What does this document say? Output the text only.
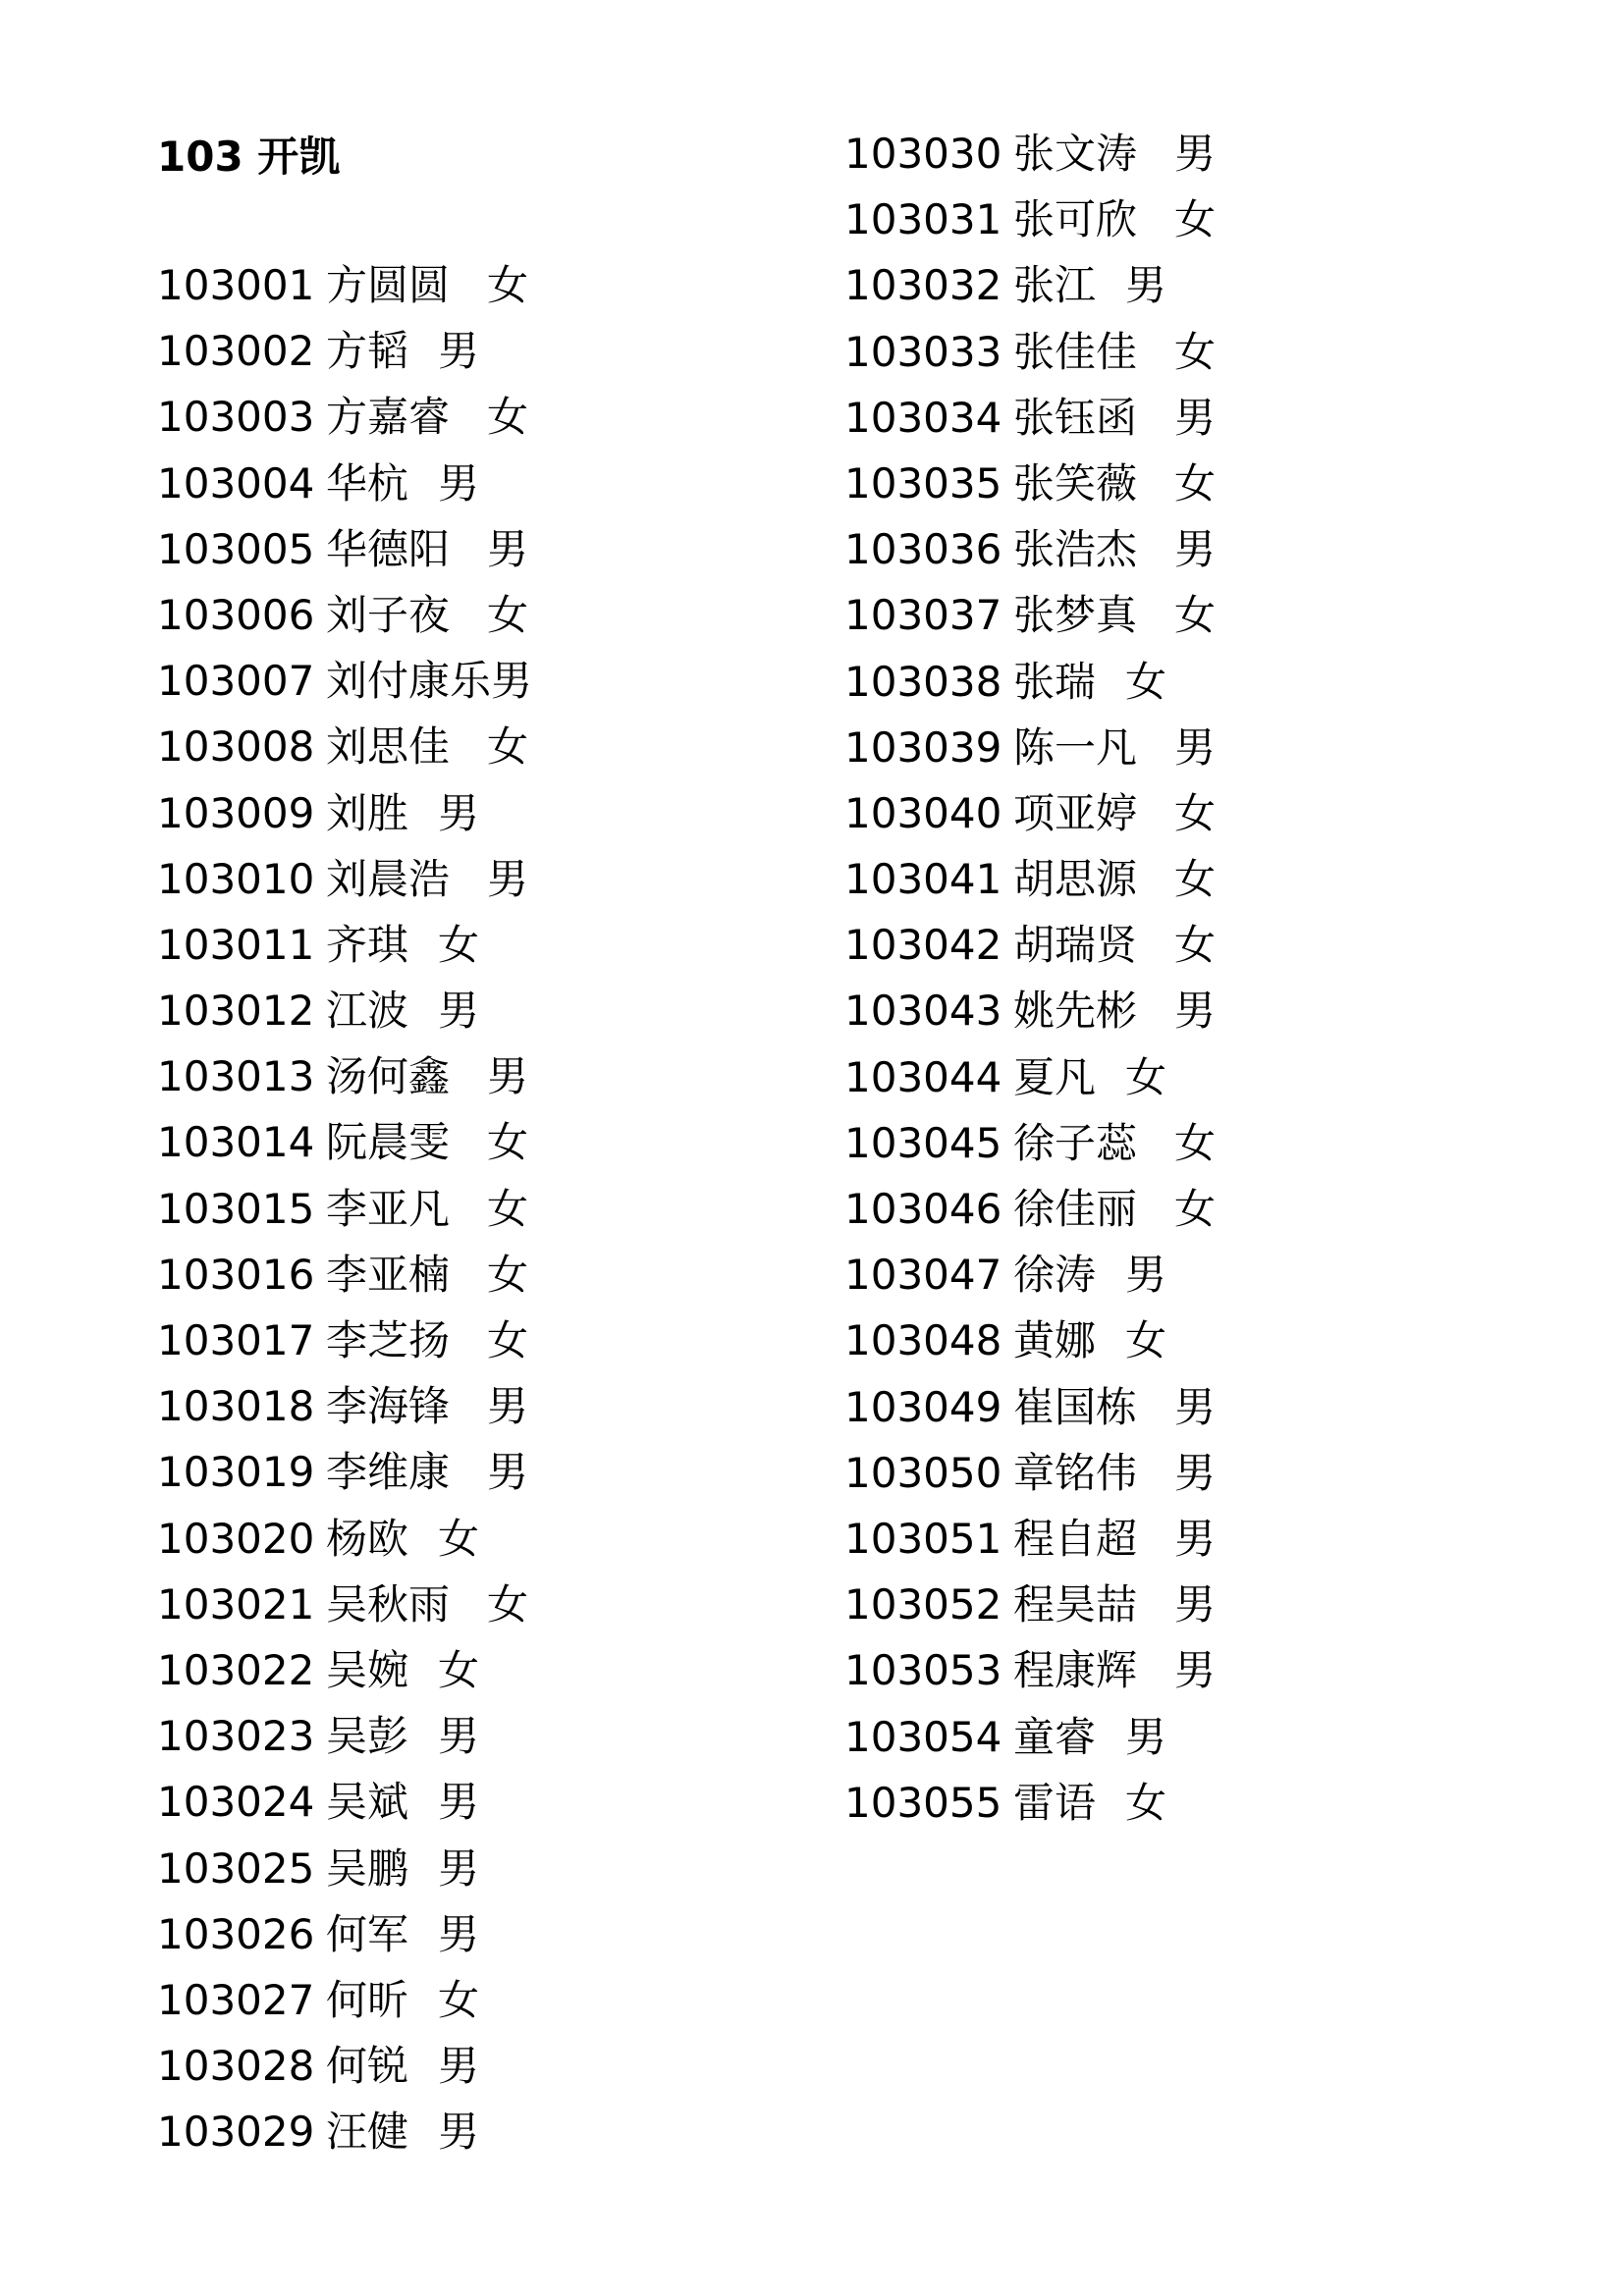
103 开凯
103001 方圆圆 女
103002 方韬 男
103003 方嘉睿 女
103004 华杭 男
103005 华德阳 男
103006 刘子夜 女
103007 刘付康乐男
103008 刘思佳 女
103009 刘胜 男
103010 刘晨浩 男
103011 齐琪 女
103012 江波 男
103013 汤何鑫 男
103014 阮晨雯 女
103015 李亚凡 女
103016 李亚楠 女
103017 李芝扬 女
103018 李海锋 男
103019 李维康 男
103020 杨欧 女
103021 吴秋雨 女
103022 吴婉 女
103023 吴彭 男
103024 吴斌 男
103025 吴鹏 男
103026 何军 男
103027 何昕 女
103028 何锐 男
103029 汪健 男
103030 张文涛 男
103031 张可欣 女
103032 张江 男
103033 张佳佳 女
103034 张钰函 男
103035 张笑薇 女
103036 张浩杰 男
103037 张梦真 女
103038 张瑞 女
103039 陈一凡 男
103040 项亚婷 女
103041 胡思源 女
103042 胡瑞贤 女
103043 姚先彬 男
103044 夏凡 女
103045 徐子蕊 女
103046 徐佳丽 女
103047 徐涛 男
103048 黄娜 女
103049 崔国栋 男
103050 章铭伟 男
103051 程自超 男
103052 程昊喆 男
103053 程康辉 男
103054 童睿 男
103055 雷语 女
